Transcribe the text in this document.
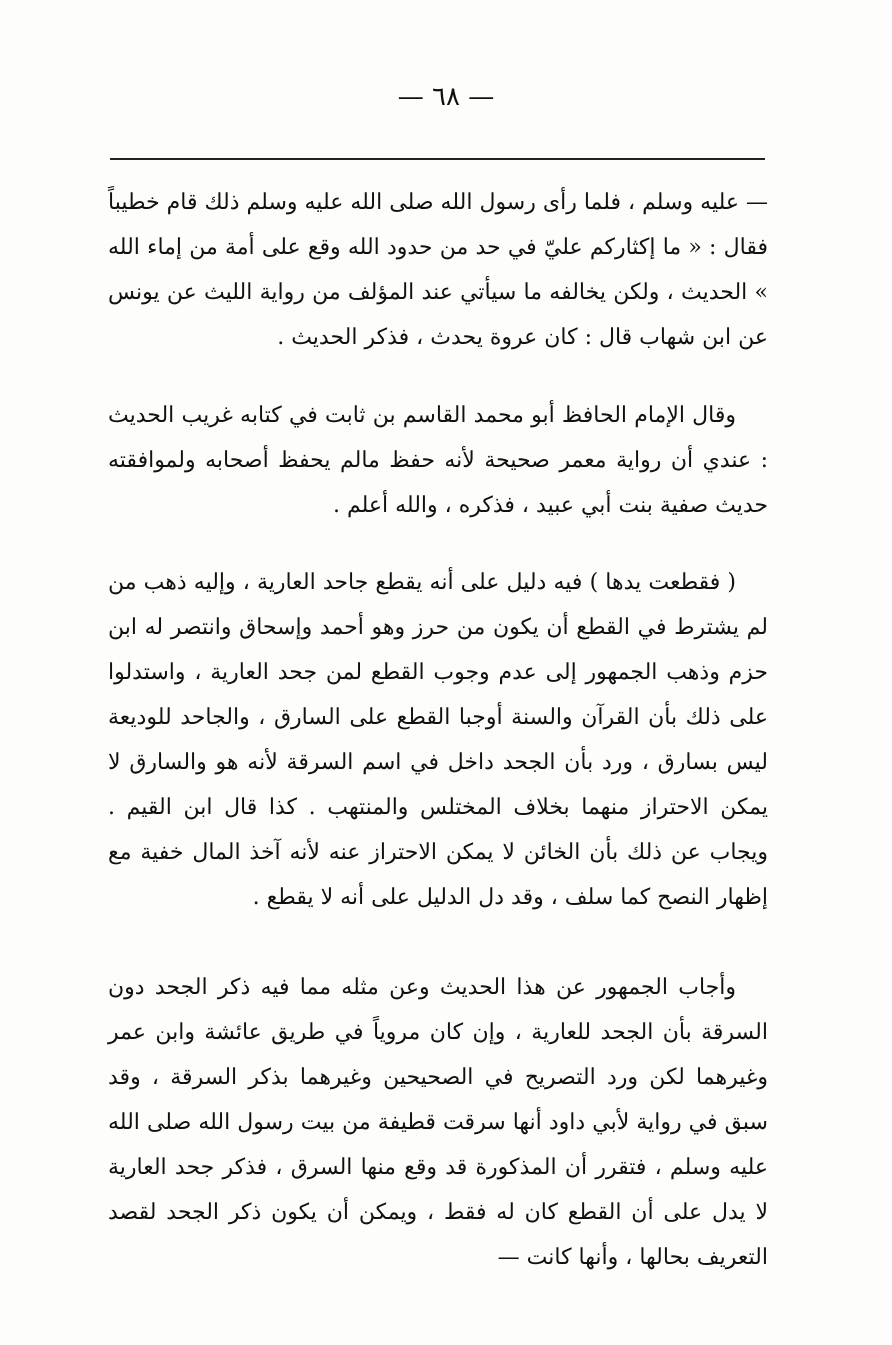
— ٦٨ —

— عليه وسلم ، فلما رأى رسول الله صلى الله عليه وسلم ذلك قام خطيباً فقال : « ما إكثاركم عليّ في حد من حدود الله وقع على أمة من إماء الله » الحديث ، ولكن يخالفه ما سيأتي عند المؤلف من رواية الليث عن يونس عن ابن شهاب قال : كان عروة يحدث ، فذكر الحديث .

وقال الإمام الحافظ أبو محمد القاسم بن ثابت في كتابه غريب الحديث : عندي أن رواية معمر صحيحة لأنه حفظ مالم يحفظ أصحابه ولموافقته حديث صفية بنت أبي عبيد ، فذكره ، والله أعلم .

( فقطعت يدها ) فيه دليل على أنه يقطع جاحد العارية ، وإليه ذهب من لم يشترط في القطع أن يكون من حرز وهو أحمد وإسحاق وانتصر له ابن حزم وذهب الجمهور إلى عدم وجوب القطع لمن جحد العارية ، واستدلوا على ذلك بأن القرآن والسنة أوجبا القطع على السارق ، والجاحد للوديعة ليس بسارق ، ورد بأن الجحد داخل في اسم السرقة لأنه هو والسارق لا يمكن الاحتراز منهما بخلاف المختلس والمنتهب . كذا قال ابن القيم . ويجاب عن ذلك بأن الخائن لا يمكن الاحتراز عنه لأنه آخذ المال خفية مع إظهار النصح كما سلف ، وقد دل الدليل على أنه لا يقطع .

وأجاب الجمهور عن هذا الحديث وعن مثله مما فيه ذكر الجحد دون السرقة بأن الجحد للعارية ، وإن كان مروياً في طريق عائشة وابن عمر وغيرهما لكن ورد التصريح في الصحيحين وغيرهما بذكر السرقة ، وقد سبق في رواية لأبي داود أنها سرقت قطيفة من بيت رسول الله صلى الله عليه وسلم ، فتقرر أن المذكورة قد وقع منها السرق ، فذكر جحد العارية لا يدل على أن القطع كان له فقط ، ويمكن أن يكون ذكر الجحد لقصد التعريف بحالها ، وأنها كانت —
